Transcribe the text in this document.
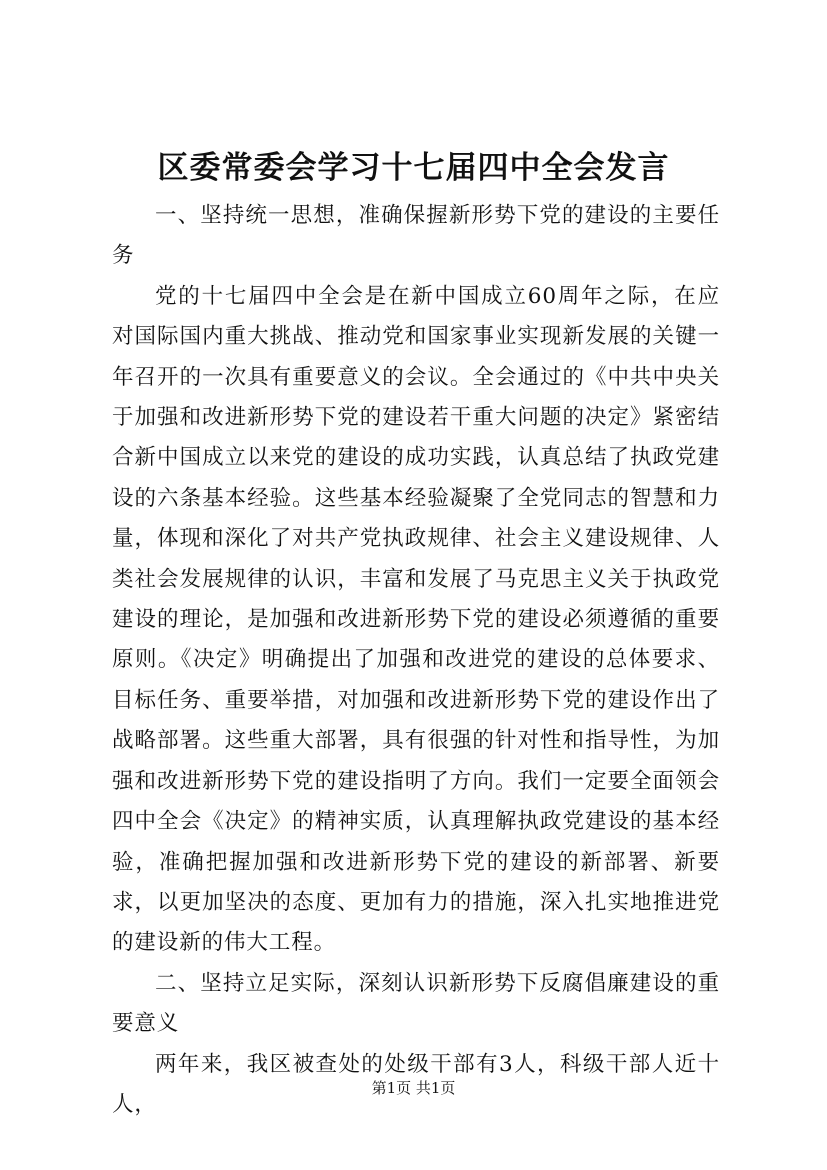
区委常委会学习十七届四中全会发言

一、坚持统一思想，准确保握新形势下党的建设的主要任务

党的十七届四中全会是在新中国成立60周年之际，在应对国际国内重大挑战、推动党和国家事业实现新发展的关键一年召开的一次具有重要意义的会议。全会通过的《中共中央关于加强和改进新形势下党的建设若干重大问题的决定》紧密结合新中国成立以来党的建设的成功实践，认真总结了执政党建设的六条基本经验。这些基本经验凝聚了全党同志的智慧和力量，体现和深化了对共产党执政规律、社会主义建设规律、人类社会发展规律的认识，丰富和发展了马克思主义关于执政党建设的理论，是加强和改进新形势下党的建设必须遵循的重要原则。《决定》明确提出了加强和改进党的建设的总体要求、目标任务、重要举措，对加强和改进新形势下党的建设作出了战略部署。这些重大部署，具有很强的针对性和指导性，为加强和改进新形势下党的建设指明了方向。我们一定要全面领会四中全会《决定》的精神实质，认真理解执政党建设的基本经验，准确把握加强和改进新形势下党的建设的新部署、新要求，以更加坚决的态度、更加有力的措施，深入扎实地推进党的建设新的伟大工程。

二、坚持立足实际，深刻认识新形势下反腐倡廉建设的重要意义

两年来，我区被查处的处级干部有3人，科级干部人近十人，

第1页 共1页
